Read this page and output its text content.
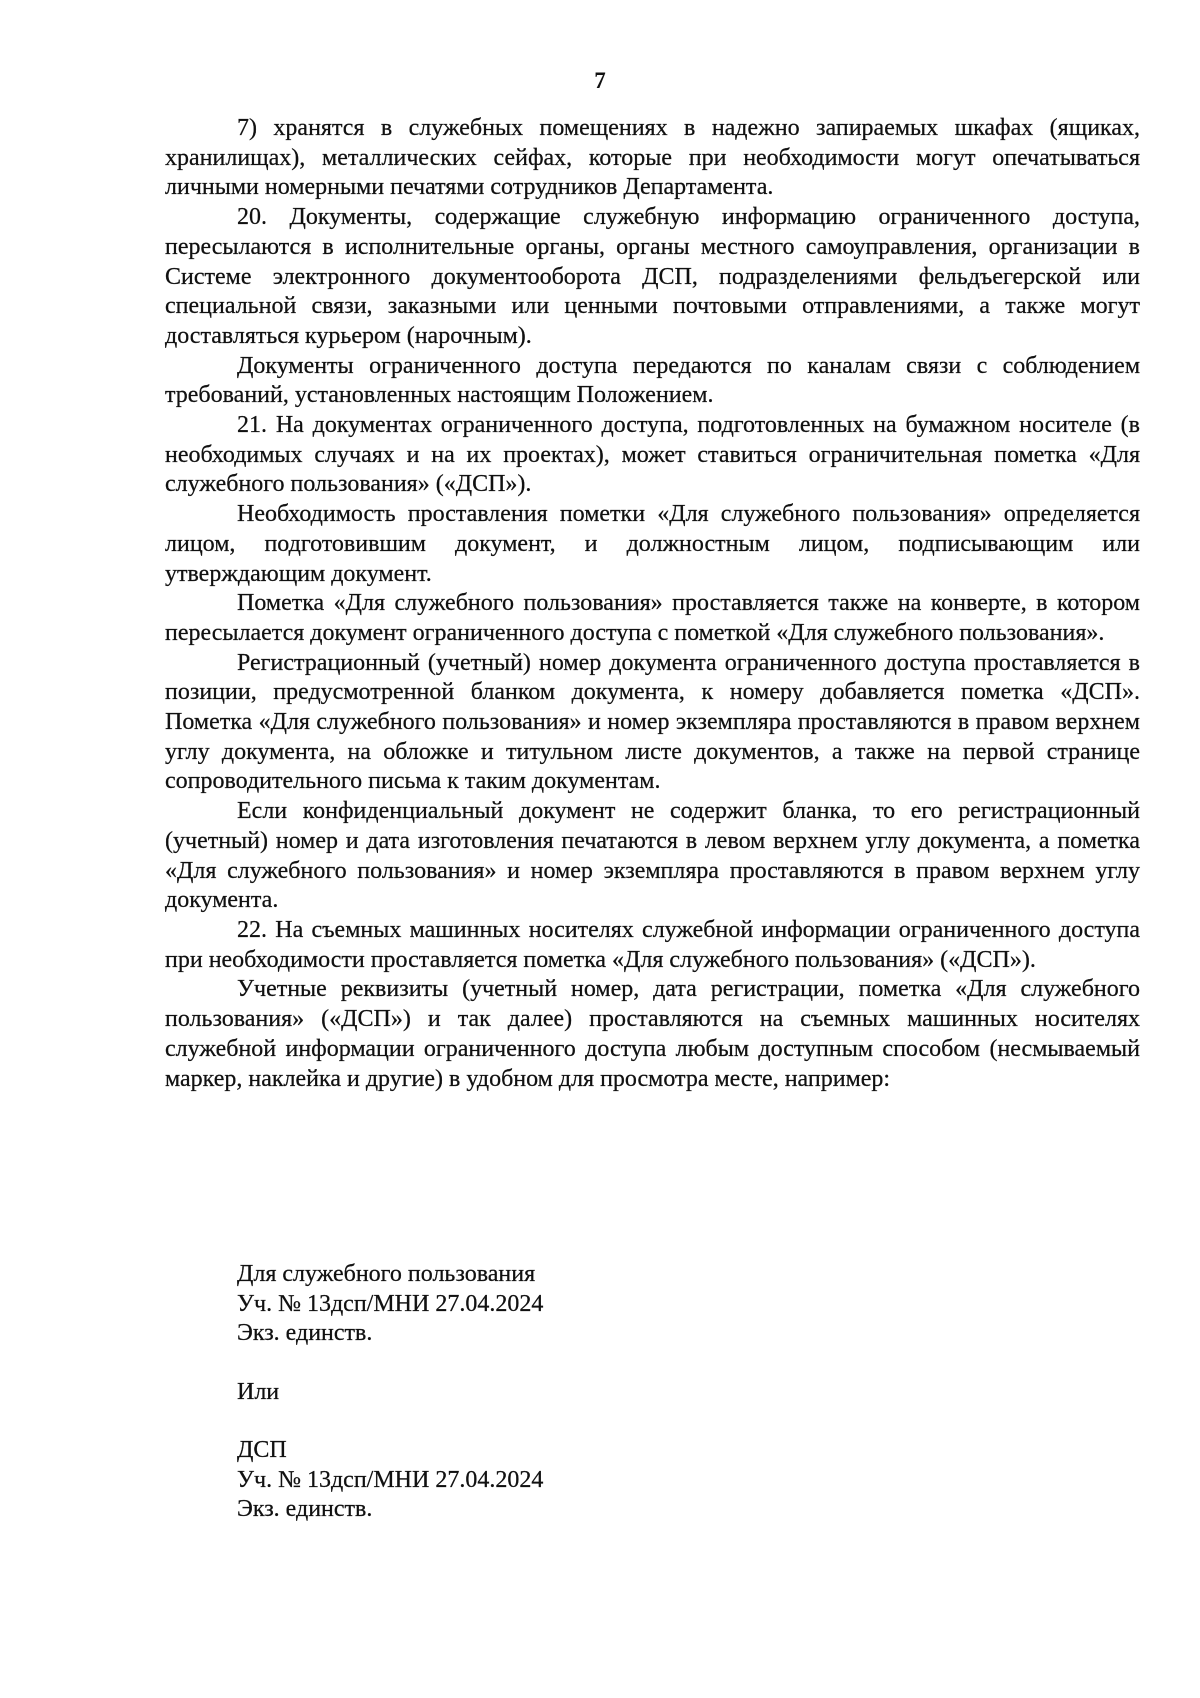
7

7) хранятся в служебных помещениях в надежно запираемых шкафах (ящиках, хранилищах), металлических сейфах, которые при необходимости могут опечатываться личными номерными печатями сотрудников Департамента.

20. Документы, содержащие служебную информацию ограниченного доступа, пересылаются в исполнительные органы, органы местного самоуправления, организации в Системе электронного документооборота ДСП, подразделениями фельдъегерской или специальной связи, заказными или ценными почтовыми отправлениями, а также могут доставляться курьером (нарочным).

Документы ограниченного доступа передаются по каналам связи с соблюдением требований, установленных настоящим Положением.

21. На документах ограниченного доступа, подготовленных на бумажном носителе (в необходимых случаях и на их проектах), может ставиться ограничительная пометка «Для служебного пользования» («ДСП»).

Необходимость проставления пометки «Для служебного пользования» определяется лицом, подготовившим документ, и должностным лицом, подписывающим или утверждающим документ.

Пометка «Для служебного пользования» проставляется также на конверте, в котором пересылается документ ограниченного доступа с пометкой «Для служебного пользования».

Регистрационный (учетный) номер документа ограниченного доступа проставляется в позиции, предусмотренной бланком документа, к номеру добавляется пометка «ДСП». Пометка «Для служебного пользования» и номер экземпляра проставляются в правом верхнем углу документа, на обложке и титульном листе документов, а также на первой странице сопроводительного письма к таким документам.

Если конфиденциальный документ не содержит бланка, то его регистрационный (учетный) номер и дата изготовления печатаются в левом верхнем углу документа, а пометка «Для служебного пользования» и номер экземпляра проставляются в правом верхнем углу документа.

22. На съемных машинных носителях служебной информации ограниченного доступа при необходимости проставляется пометка «Для служебного пользования» («ДСП»).

Учетные реквизиты (учетный номер, дата регистрации, пометка «Для служебного пользования» («ДСП») и так далее) проставляются на съемных машинных носителях служебной информации ограниченного доступа любым доступным способом (несмываемый маркер, наклейка и другие) в удобном для просмотра месте, например:

Для служебного пользования

Уч. № 13дсп/МНИ 27.04.2024

Экз. единств.

Или

ДСП

Уч. № 13дсп/МНИ 27.04.2024

Экз. единств.
